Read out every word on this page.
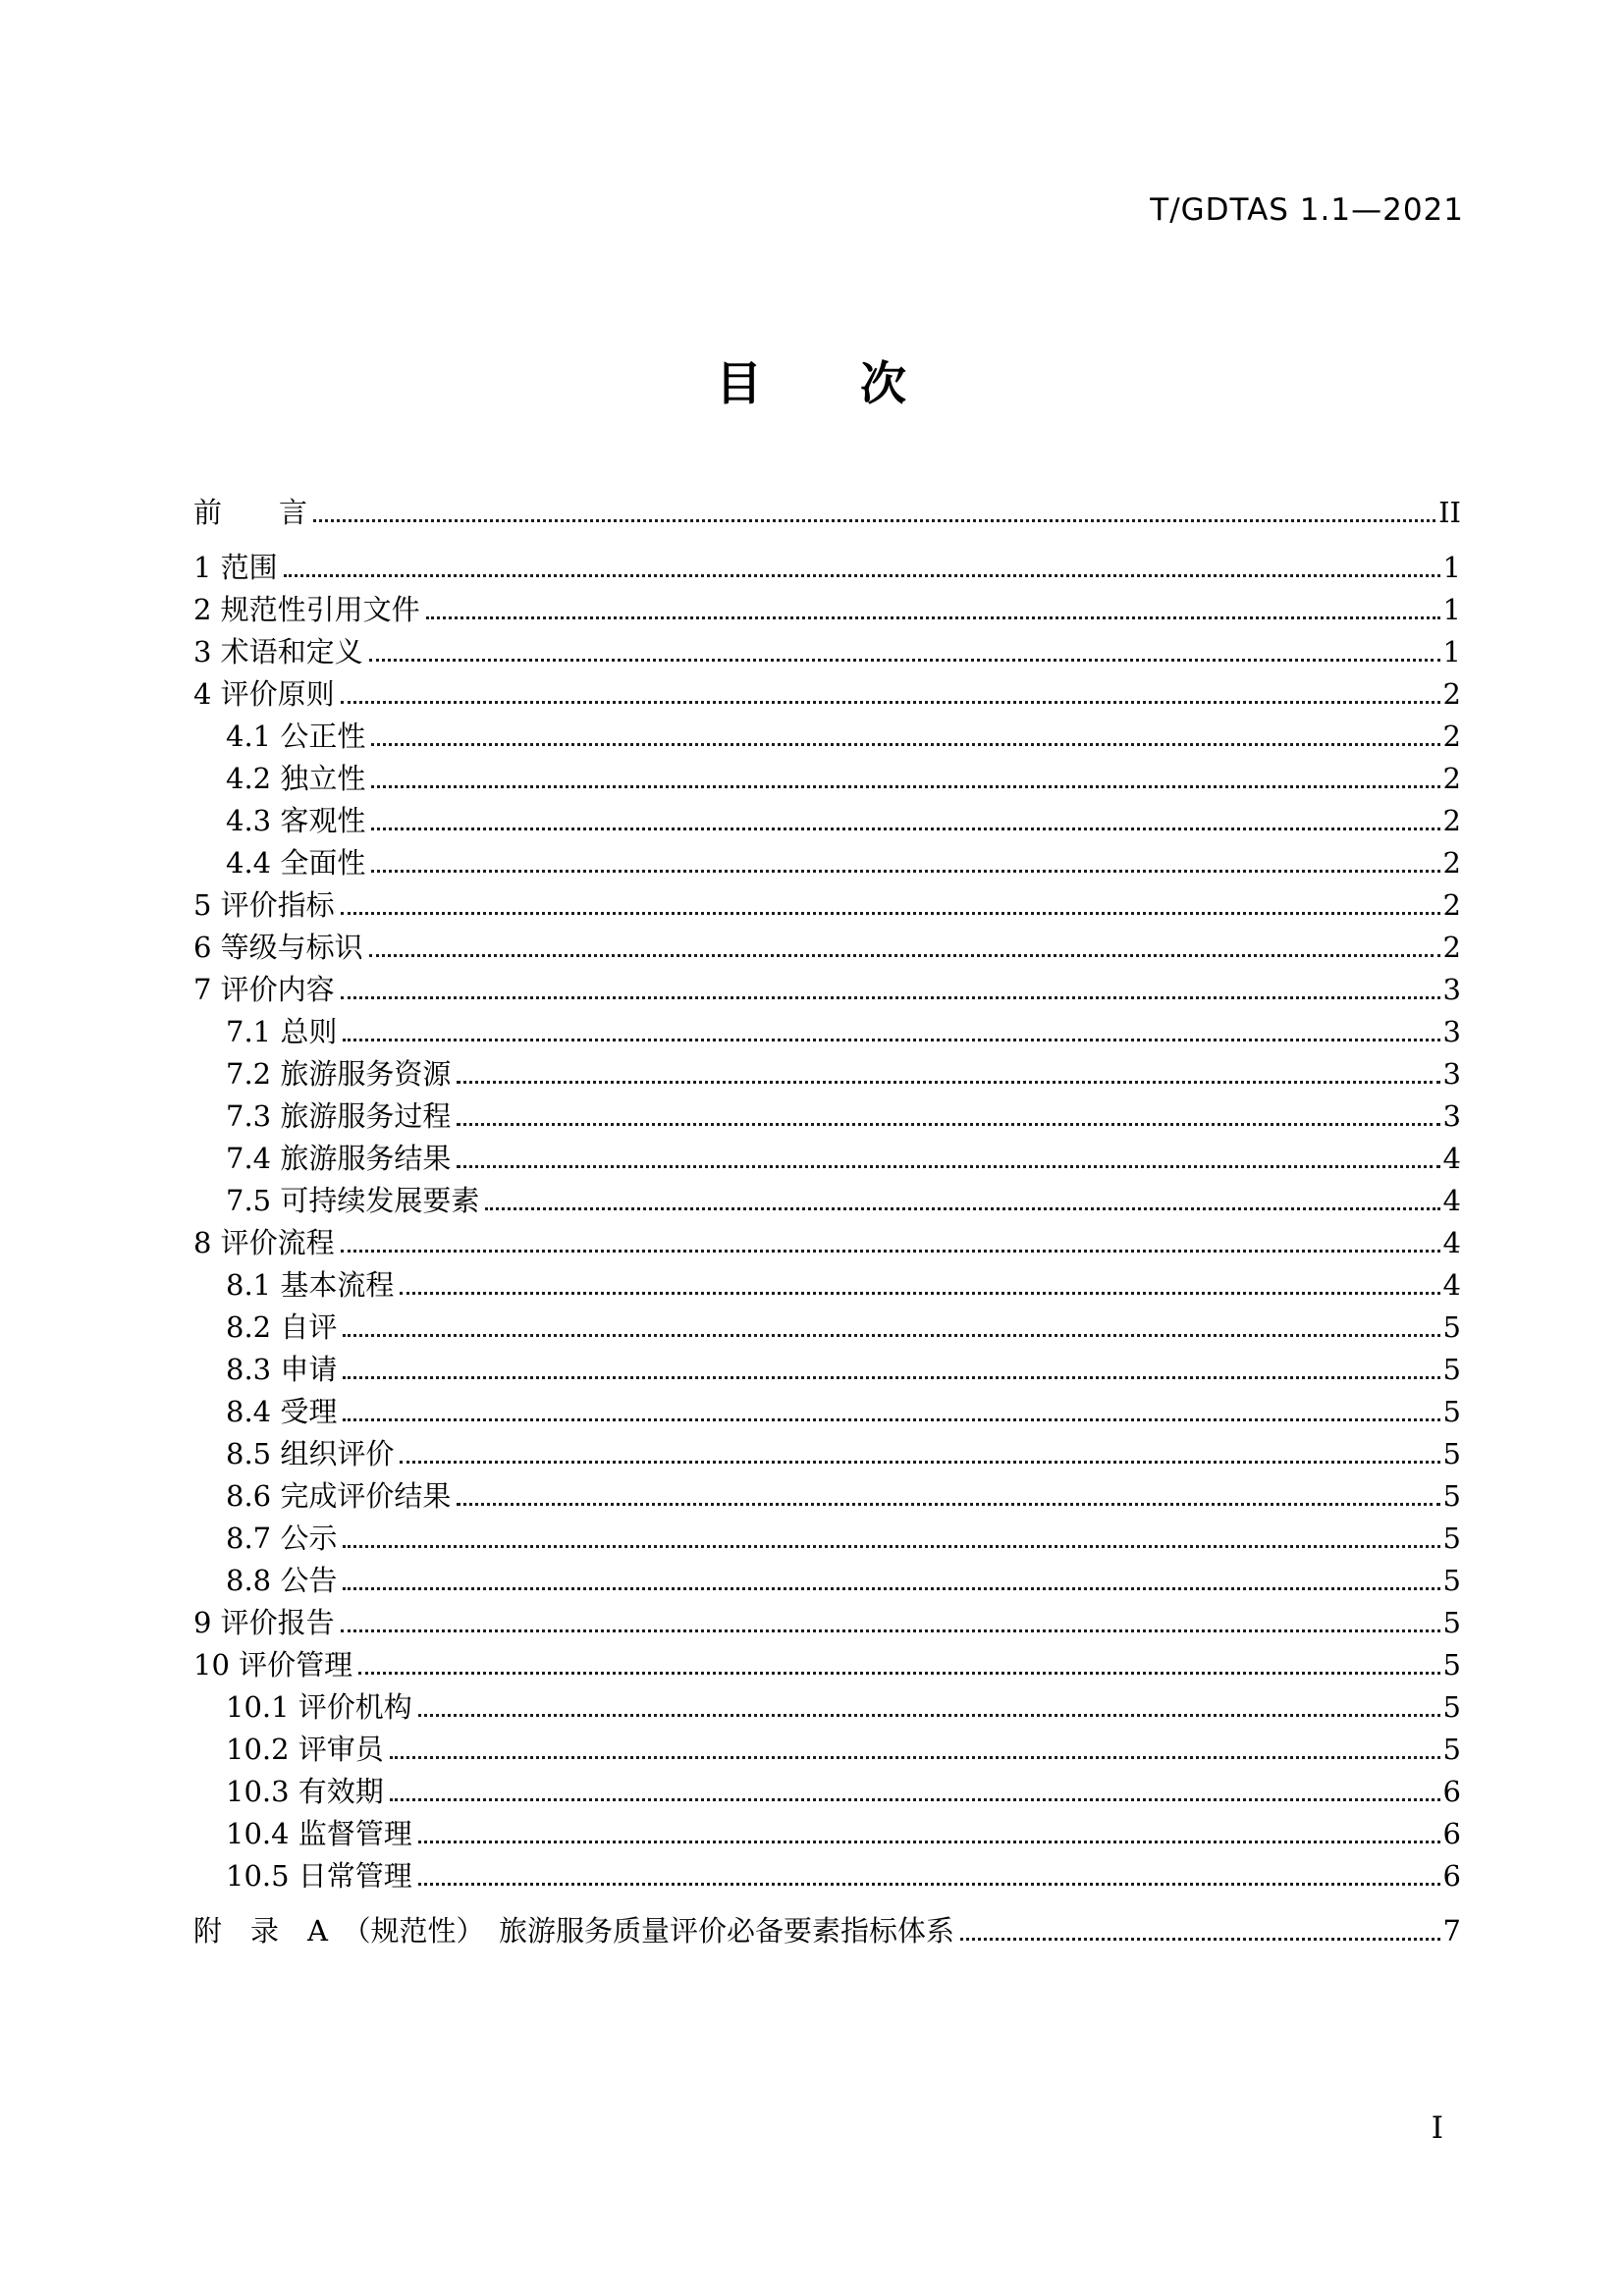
T/GDTAS 1.1—2021
目　　次
前　　言	II
1 范围	1
2 规范性引用文件	1
3 术语和定义	1
4 评价原则	2
4.1 公正性	2
4.2 独立性	2
4.3 客观性	2
4.4 全面性	2
5 评价指标	2
6 等级与标识	2
7 评价内容	3
7.1 总则	3
7.2 旅游服务资源	3
7.3 旅游服务过程	3
7.4 旅游服务结果	4
7.5 可持续发展要素	4
8 评价流程	4
8.1 基本流程	4
8.2 自评	5
8.3 申请	5
8.4 受理	5
8.5 组织评价	5
8.6 完成评价结果	5
8.7 公示	5
8.8 公告	5
9 评价报告	5
10 评价管理	5
10.1 评价机构	5
10.2 评审员	5
10.3 有效期	6
10.4 监督管理	6
10.5 日常管理	6
附　录　A　（规范性）　旅游服务质量评价必备要素指标体系	7
I
